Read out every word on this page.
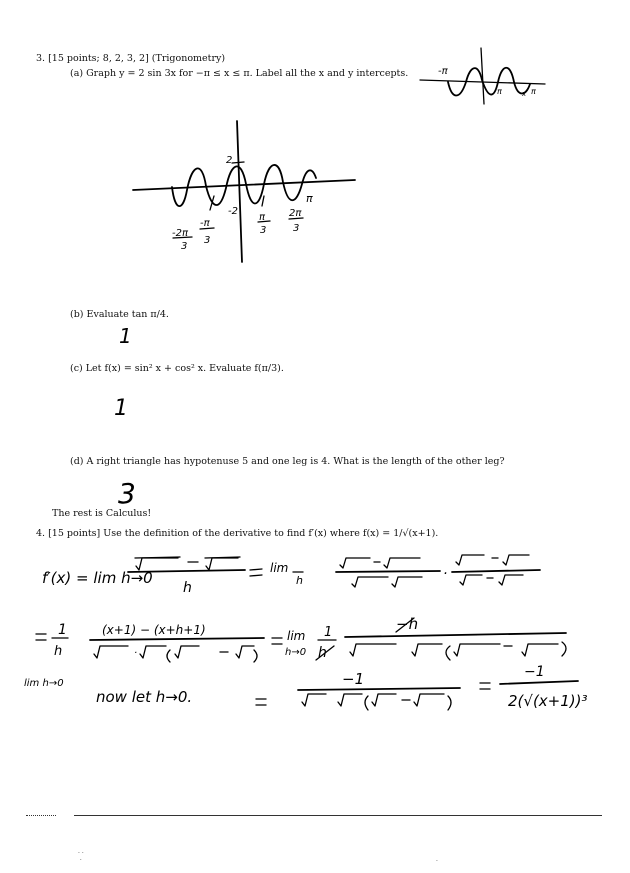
3. [15 points; 8, 2, 3, 2] (Trigonometry)
(a) Graph y = 2 sin 3x for −π ≤ x ≤ π. Label all the x and y intercepts.
(b) Evaluate tan π/4.
(c) Let f(x) = sin² x + cos² x. Evaluate f(π/3).
(d) A right triangle has hypotenuse 5 and one leg is 4. What is the length of the other leg?
The rest is Calculus!
4. [15 points] Use the definition of the derivative to find f′(x) where f(x) = 1/√(x+1).
-π
π	x π
2
-2
-2π
3
-π
3
π
3
2π
3
π
1
1
3
f′(x) = lim h→0
h
lim
h	·
1
h
(x+1) − (x+h+1)
·
lim
h→0
1
h
−h
lim h→0
now let h→0.
−1	−1
2(√(x+1))³
· ·
·	·
